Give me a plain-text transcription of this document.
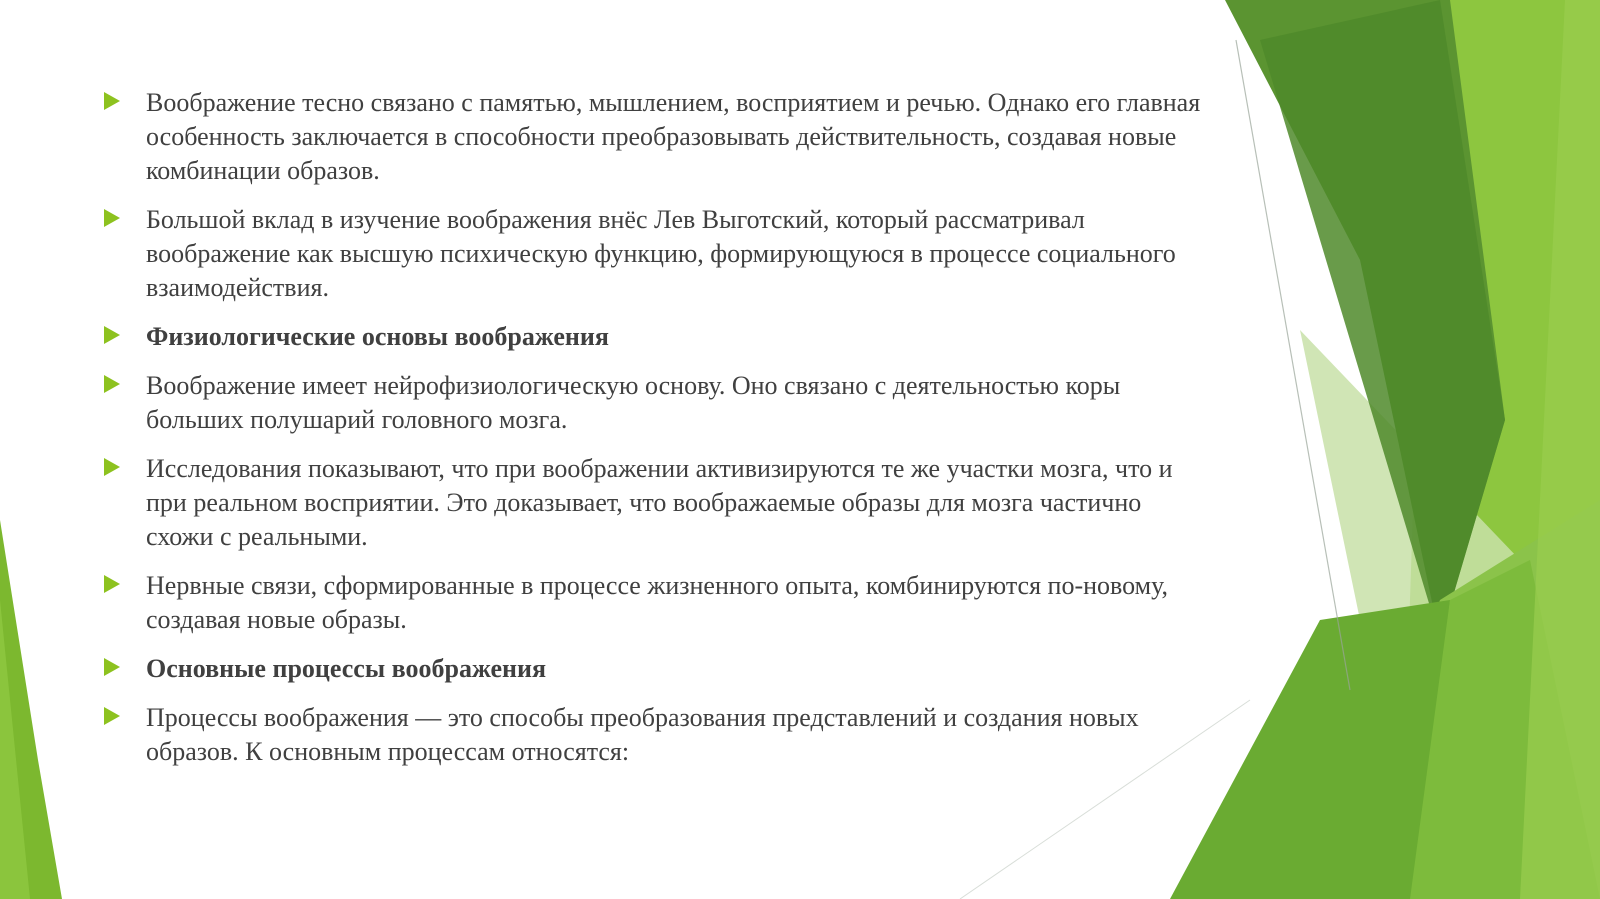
Воображение тесно связано с памятью, мышлением, восприятием и речью. Однако его главная особенность заключается в способности преобразовывать действительность, создавая новые комбинации образов.
Большой вклад в изучение воображения внёс Лев Выготский, который рассматривал воображение как высшую психическую функцию, формирующуюся в процессе социального взаимодействия.
Физиологические основы воображения
Воображение имеет нейрофизиологическую основу. Оно связано с деятельностью коры больших полушарий головного мозга.
Исследования показывают, что при воображении активизируются те же участки мозга, что и при реальном восприятии. Это доказывает, что воображаемые образы для мозга частично схожи с реальными.
Нервные связи, сформированные в процессе жизненного опыта, комбинируются по-новому, создавая новые образы.
Основные процессы воображения
Процессы воображения — это способы преобразования представлений и создания новых образов. К основным процессам относятся:
